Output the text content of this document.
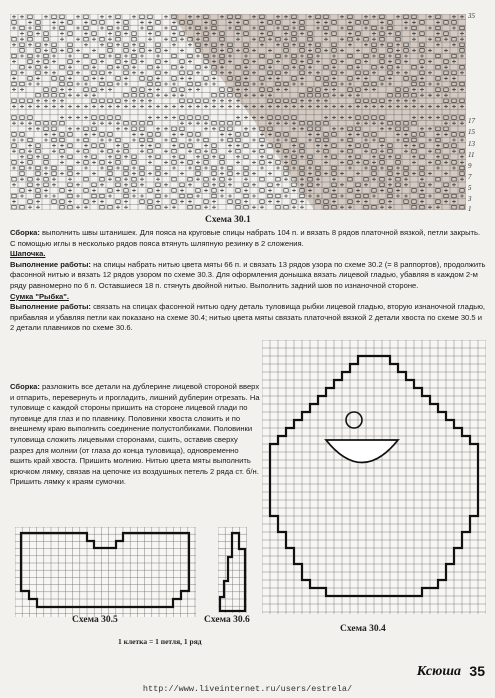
35
17
15
13
11
9
7
5
3
1
Схема 30.1

Сборка: выполнить швы штанишек. Для пояса на круговые спицы набрать 104 п. и вязать 8 рядов платочной вязкой, петли закрыть. С помощью иглы в несколько рядов пояса втянуть шляпную резинку в 2 сложения.

Шапочка.

Выполнение работы: на спицы набрать нитью цвета мяты 66 п. и связать 13 рядов узора по схеме 30.2 (= 8 раппортов), продолжить фасонной нитью и вязать 12 рядов узором по схеме 30.3. Для оформления донышка вязать лицевой гладью, убавляя в каждом 2-м ряду равномерно по 6 п. Оставшиеся 18 п. стянуть двойной нитью. Выполнить задний шов по изнаночной стороне.

Сумка "Рыбка".

Выполнение работы: связать на спицах фасонной нитью одну деталь туловища рыбки лицевой гладью, вторую изнаночной гладью, прибавляя и убавляя петли как показано на схеме 30.4; нитью цвета мяты связать платочной вязкой 2 детали хвоста по схеме 30.5 и 2 детали плавников по схеме 30.6.

Сборка: разложить все детали на дублерине лицевой стороной вверх и отпарить, перевернуть и прогладить, лишний дублерин отрезать. На туловище с каждой стороны пришить на стороне лицевой глади по пуговице для глаз и по плавнику. Половинки хвоста сложить и по внешнему краю выполнить соединение полустолбиками. Половинки туловища сложить лицевыми сторонами, сшить, оставив сверху разрез для молнии (от глаза до конца туловища), одновременно вшить край хвоста. Пришить молнию. Нитью цвета мяты выполнить крючком лямку, связав на цепочке из воздушных петель 2 ряда ст. б/н. Пришить лямку к краям сумочки.

Схема 30.4
Схема 30.5	Схема 30.6
1 клетка = 1 петля, 1 ряд
Ксюша 35
http://www.liveinternet.ru/users/estrela/
